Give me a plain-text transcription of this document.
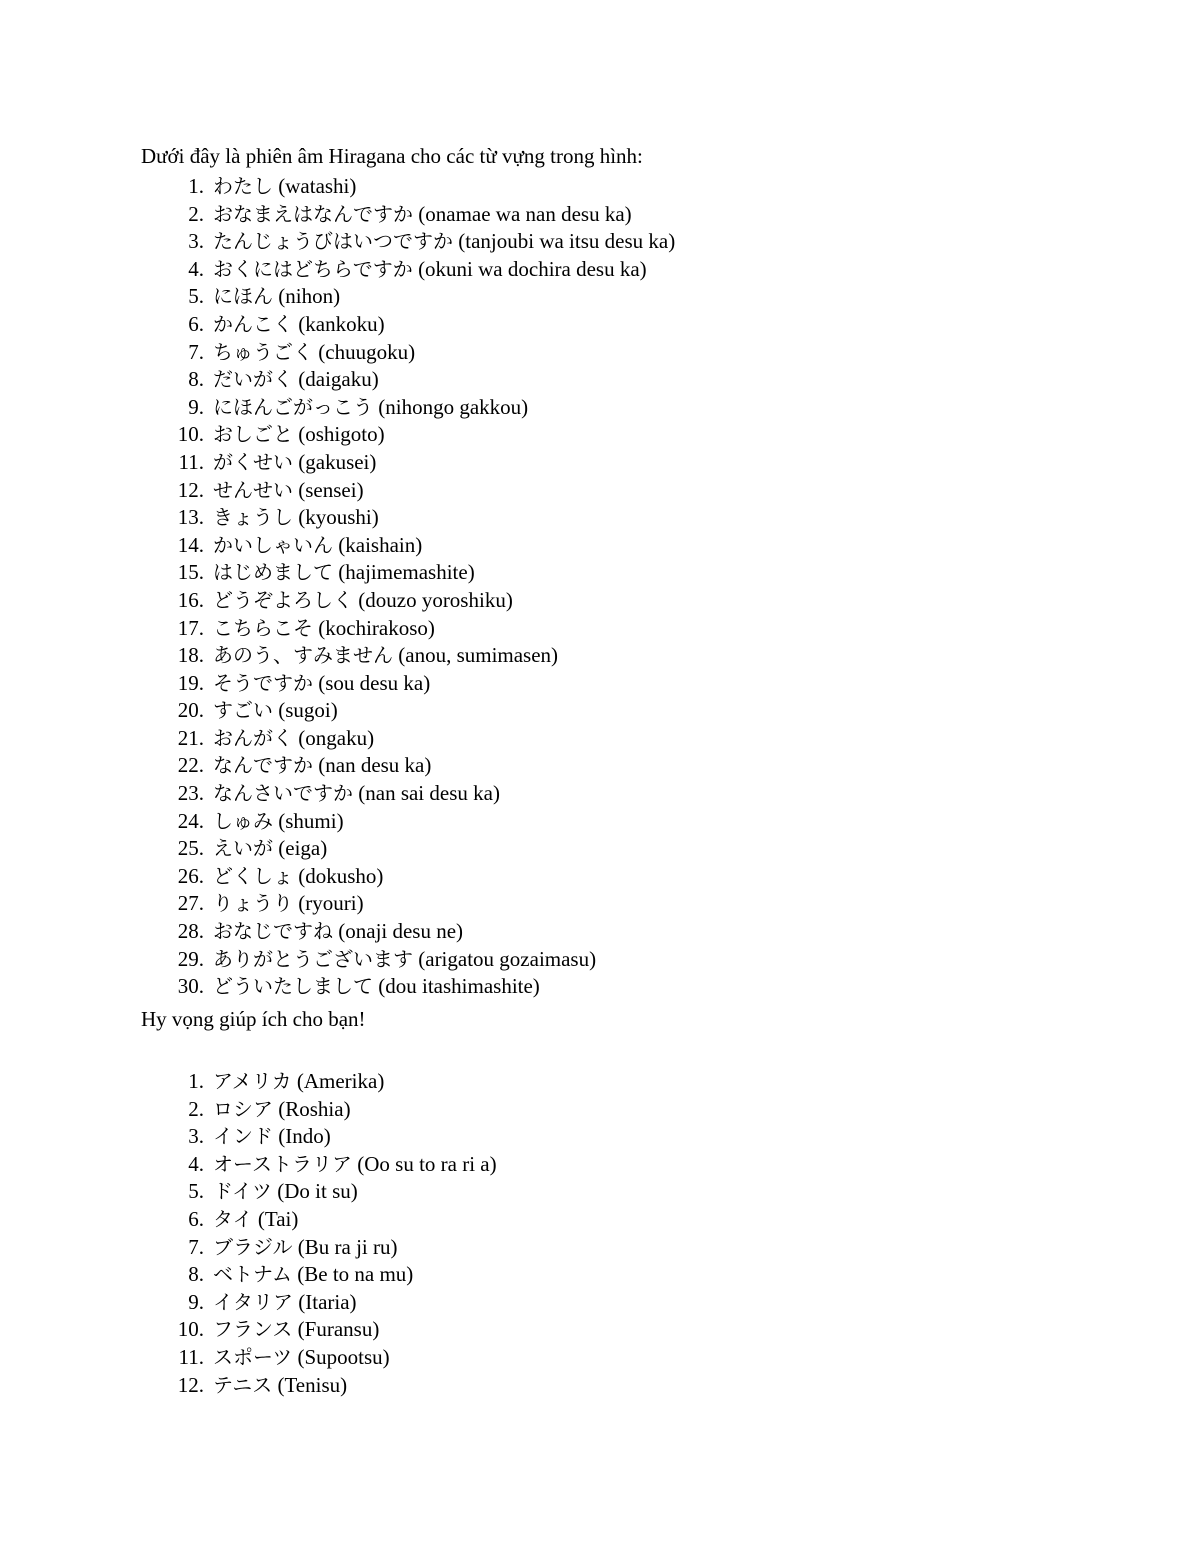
Dưới đây là phiên âm Hiragana cho các từ vựng trong hình:
1. わたし (watashi)
2. おなまえはなんですか (onamae wa nan desu ka)
3. たんじょうびはいつですか (tanjoubi wa itsu desu ka)
4. おくにはどちらですか (okuni wa dochira desu ka)
5. にほん (nihon)
6. かんこく (kankoku)
7. ちゅうごく (chuugoku)
8. だいがく (daigaku)
9. にほんごがっこう (nihongo gakkou)
10. おしごと (oshigoto)
11. がくせい (gakusei)
12. せんせい (sensei)
13. きょうし (kyoushi)
14. かいしゃいん (kaishain)
15. はじめまして (hajimemashite)
16. どうぞよろしく (douzo yoroshiku)
17. こちらこそ (kochirakoso)
18. あのう、すみません (anou, sumimasen)
19. そうですか (sou desu ka)
20. すごい (sugoi)
21. おんがく (ongaku)
22. なんですか (nan desu ka)
23. なんさいですか (nan sai desu ka)
24. しゅみ (shumi)
25. えいが (eiga)
26. どくしょ (dokusho)
27. りょうり (ryouri)
28. おなじですね (onaji desu ne)
29. ありがとうございます (arigatou gozaimasu)
30. どういたしまして (dou itashimashite)
Hy vọng giúp ích cho bạn!
1. アメリカ (Amerika)
2. ロシア (Roshia)
3. インド (Indo)
4. オーストラリア (Oo su to ra ri a)
5. ドイツ (Do it su)
6. タイ (Tai)
7. ブラジル (Bu ra ji ru)
8. ベトナム (Be to na mu)
9. イタリア (Itaria)
10. フランス (Furansu)
11. スポーツ (Supootsu)
12. テニス (Tenisu)
